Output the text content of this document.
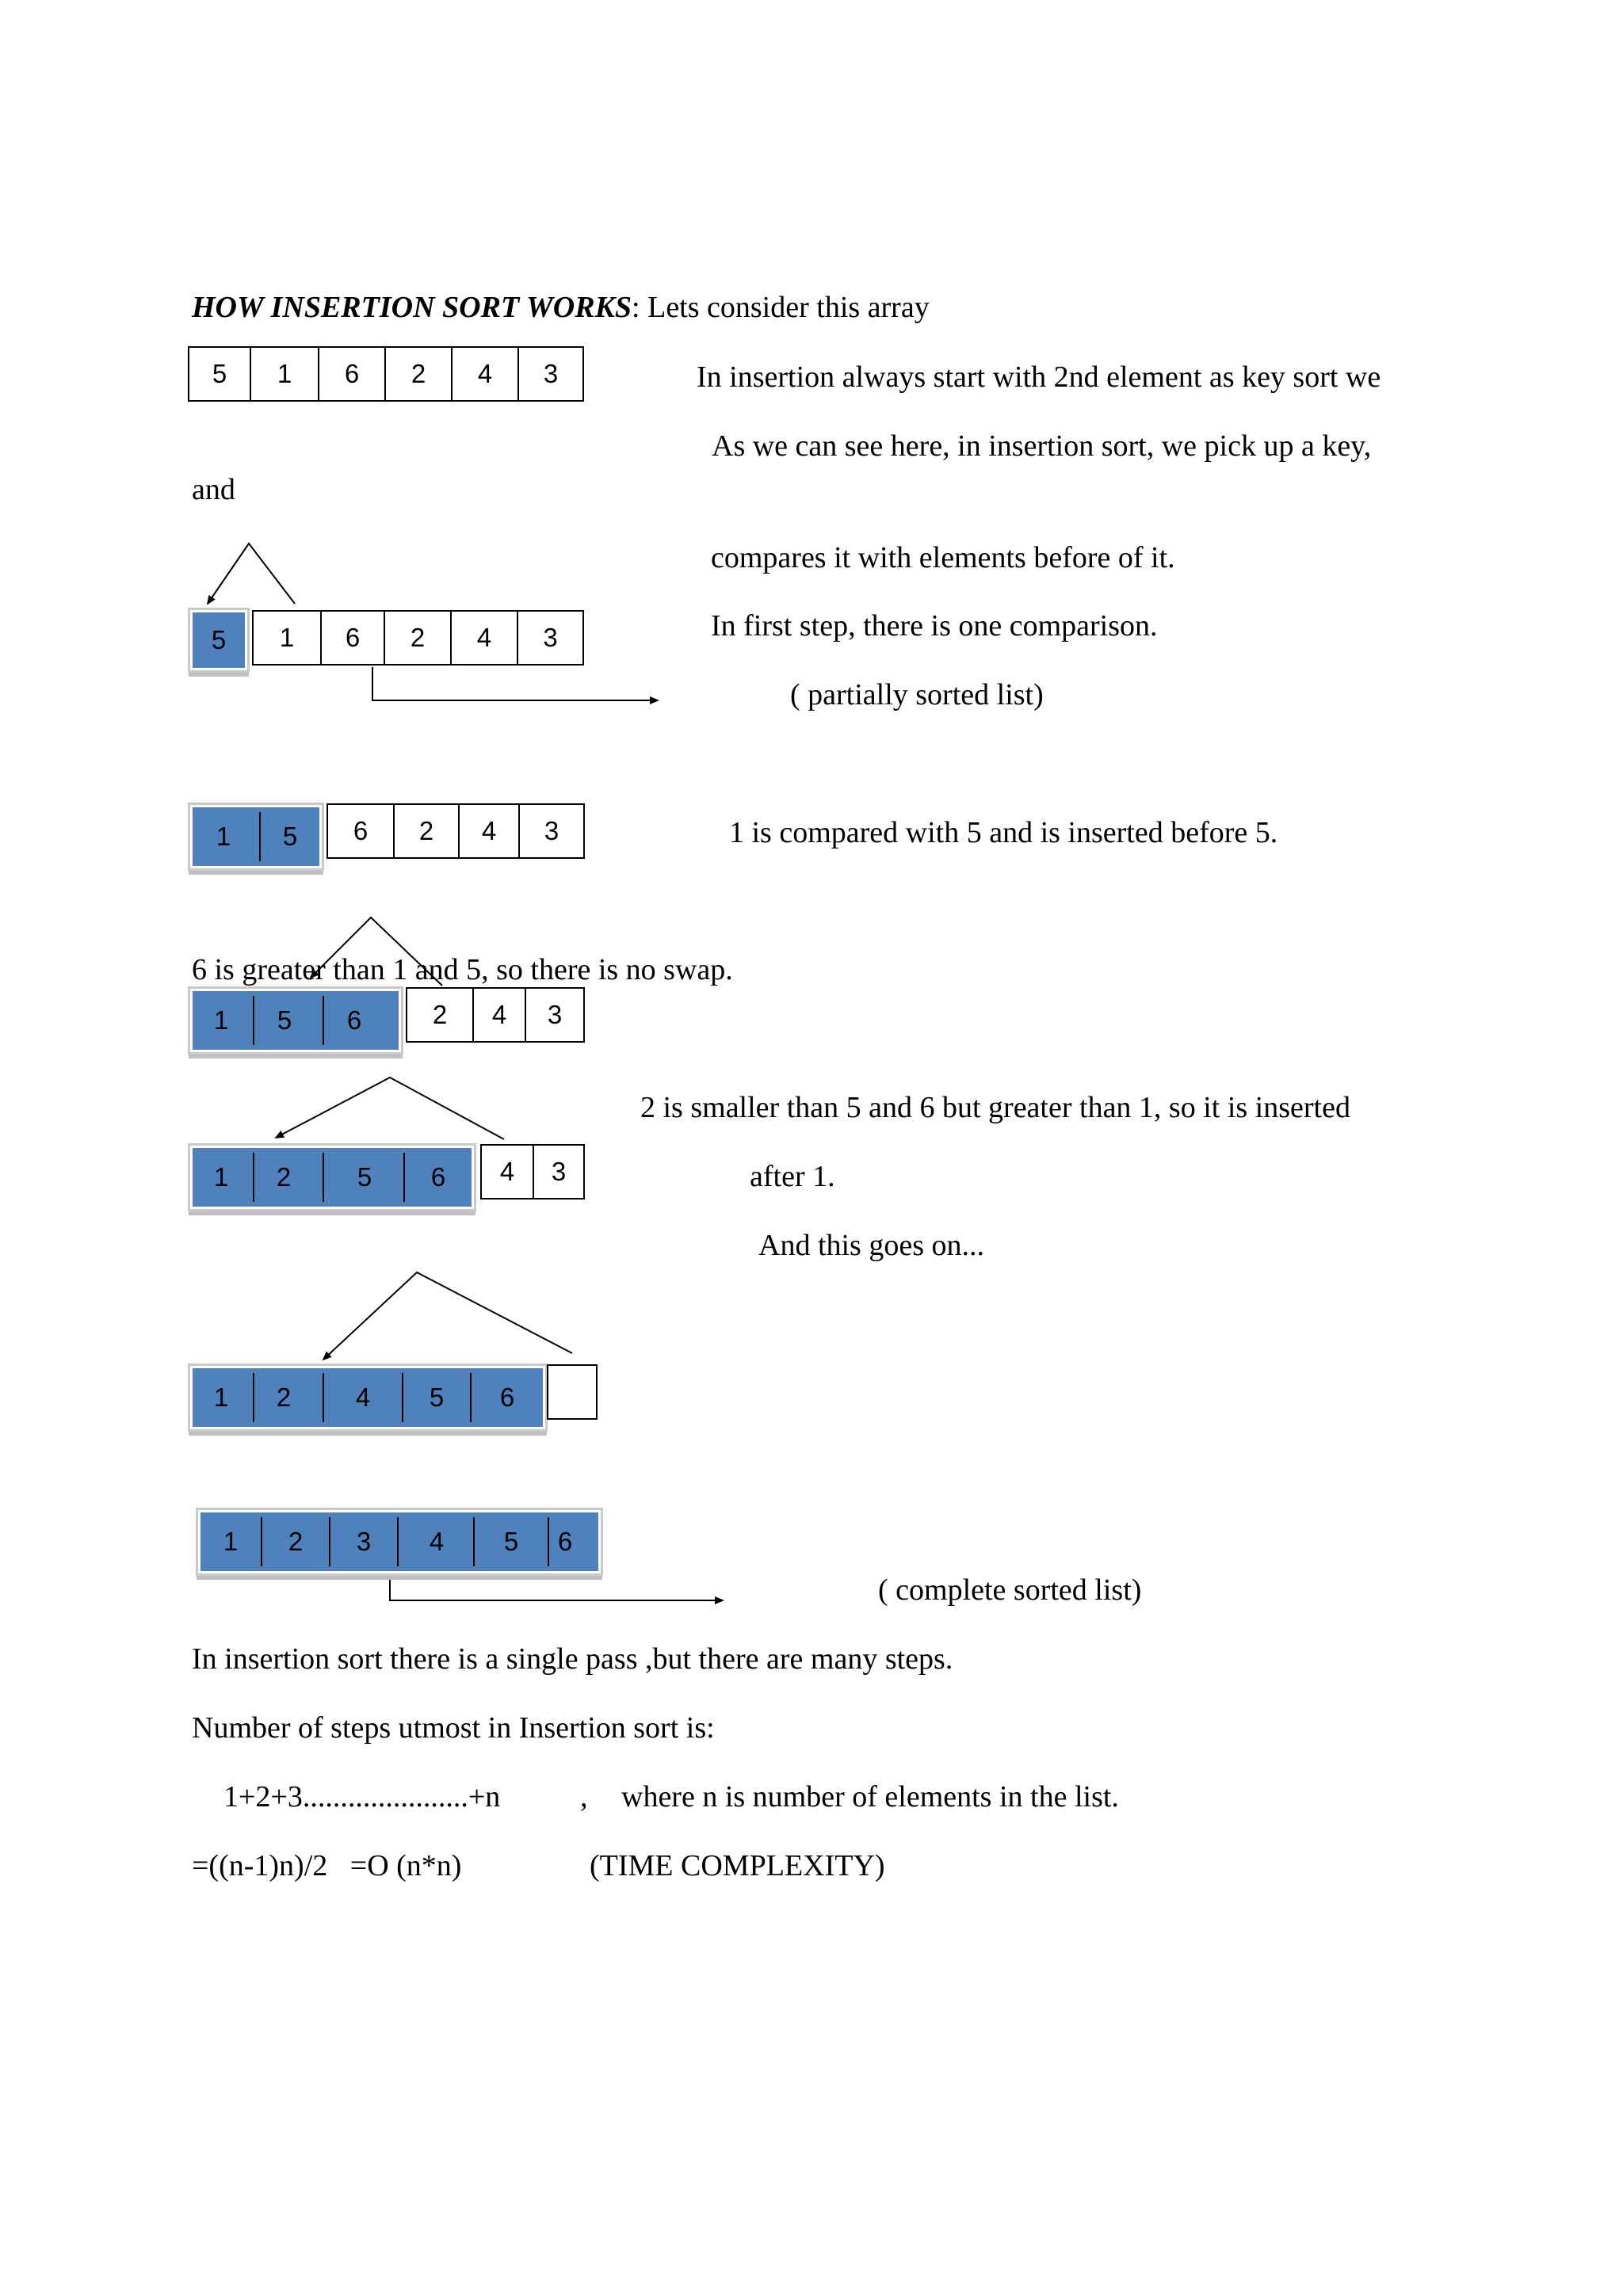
HOW INSERTION SORT WORKS: Lets consider this array
5	1	6	2	4	3	In insertion always start with 2nd element as key sort we
As we can see here, in insertion sort, we pick up a key,
and
compares it with elements before of it.
In first step, there is one comparison.
( partially sorted list)
5	1	6	2	4	3
1	5	6	2	4	3	1 is compared with 5 and is inserted before 5.
6 is greater than 1 and 5, so there is no swap.
1	5	6	2	4	3
2 is smaller than 5 and 6 but greater than 1, so it is inserted
after 1.
And this goes on...
1	2	5	6	4	3
1	2	4	5	6
1	2	3	4	5	6
( complete sorted list)
In insertion sort there is a single pass ,but there are many steps.
Number of steps utmost in Insertion sort is:
1+2+3......................+n	, where n is number of elements in the list.
=((n-1)n)/2   =O (n*n)	(TIME COMPLEXITY)
